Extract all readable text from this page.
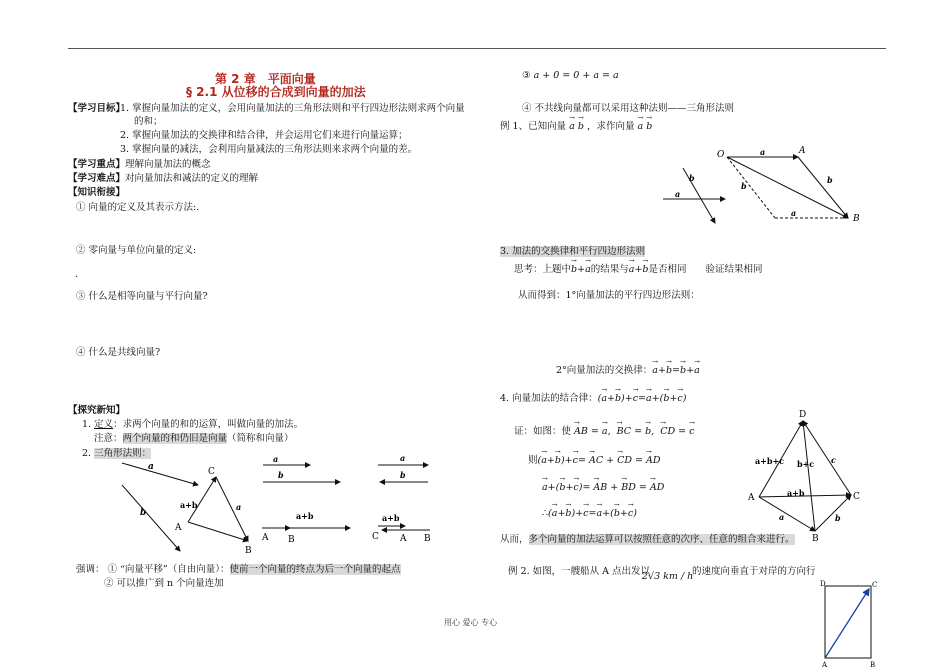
第 2 章　平面向量
§ 2.1 从位移的合成到向量的加法
【学习目标】
1. 掌握向量加法的定义，会用向量加法的三角形法则和平行四边形法则求两个向量
的和；
2. 掌握向量加法的交换律和结合律，并会运用它们来进行向量运算；
3. 掌握向量的减法，会利用向量减法的三角形法则来求两个向量的差。
【学习重点】理解向量加法的概念
【学习难点】对向量加法和减法的定义的理解
【知识衔接】
① 向量的定义及其表示方法:.
② 零向量与单位向量的定义:
.
③ 什么是相等向量与平行向量?
④ 什么是共线向量?
【探究新知】
1. 定义：求两个向量的和的运算，叫做向量的加法。
注意：两个向量的和仍旧是向量（简称和向量）
2. 三角形法则：
a
b
C
A
B
a+b	a
a
b
a
b
a+b
A B
a+b
C A B
强调： ① “向量平移”（自由向量）：使前一个向量的终点为后一个向量的起点
② 可以推广到 n 个向量连加
③ a + 0 = 0 + a = a
④ 不共线向量都可以采用这种法则——三角形法则
例 1、已知向量 → a → b ，求作向量 → a → b
O	A
B
a
b
b
a
b
a
3. 加法的交换律和平行四边形法则
思考：上题中→ b+→ a的结果与→ a+→ b是否相同　　 验证结果相同
从而得到：1°向量加法的平行四边形法则：
2°向量加法的交换律：→ a+→ b=→ b+→ a
4. 向量加法的结合律：(→ a+→ b)+→ c=→ a+(→ b+→ c)
证：如图：使 → AB = → a,  → BC = → b,  → CD = → c
则(→ a+→ b)+→ c= → AC + → CD = → AD
→ a+(→ b+→ c)= → AB + → BD = → AD
∴(→ a+→ b)+→ c=→ a+(→ b+→ c)
D
A
B
C
a+b+c b+c c
a+b
a	b
从而，多个向量的加法运算可以按照任意的次序、任意的组合来进行。
例 2. 如图，一艘船从 A 点出发以
2√3 km / h
的速度向垂直于对岸的方向行
D	C
A	B
用心 爱心 专心
